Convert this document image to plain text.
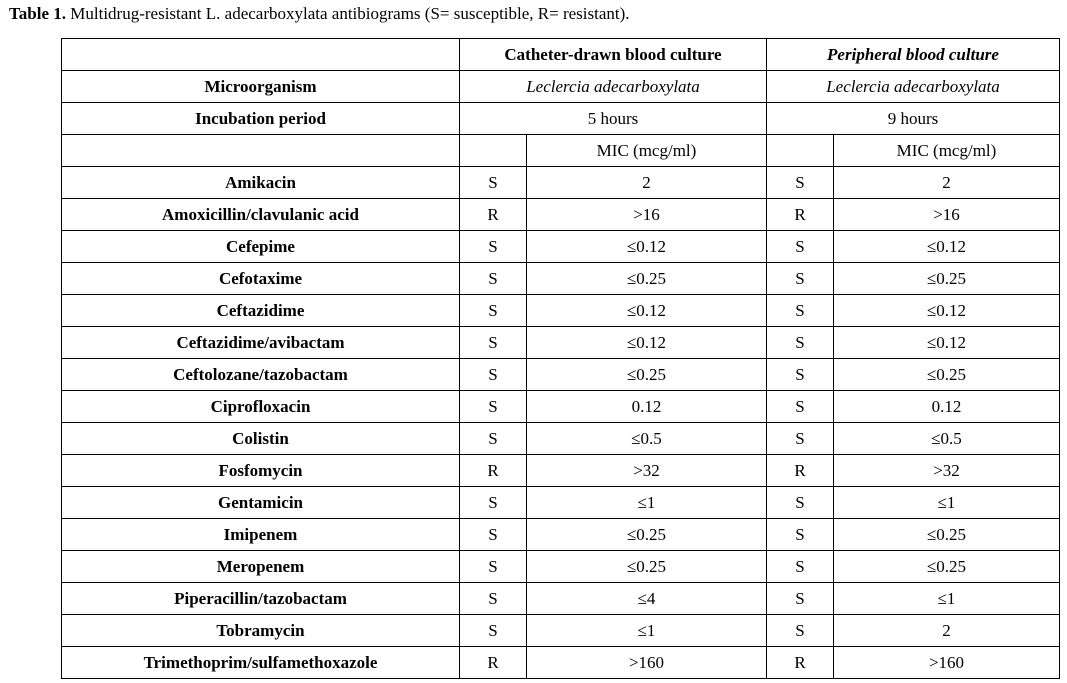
Table 1. Multidrug-resistant L. adecarboxylata antibiograms (S= susceptible, R= resistant).
	Catheter-drawn blood culture		Peripheral blood culture	
Microorganism	Leclercia adecarboxylata		Leclercia adecarboxylata	
Incubation period	5 hours		9 hours	
		MIC (mcg/ml)		MIC (mcg/ml)
Amikacin	S	2	S	2
Amoxicillin/clavulanic acid	R	>16	R	>16
Cefepime	S	≤0.12	S	≤0.12
Cefotaxime	S	≤0.25	S	≤0.25
Ceftazidime	S	≤0.12	S	≤0.12
Ceftazidime/avibactam	S	≤0.12	S	≤0.12
Ceftolozane/tazobactam	S	≤0.25	S	≤0.25
Ciprofloxacin	S	0.12	S	0.12
Colistin	S	≤0.5	S	≤0.5
Fosfomycin	R	>32	R	>32
Gentamicin	S	≤1	S	≤1
Imipenem	S	≤0.25	S	≤0.25
Meropenem	S	≤0.25	S	≤0.25
Piperacillin/tazobactam	S	≤4	S	≤1
Tobramycin	S	≤1	S	2
Trimethoprim/sulfamethoxazole	R	>160	R	>160
